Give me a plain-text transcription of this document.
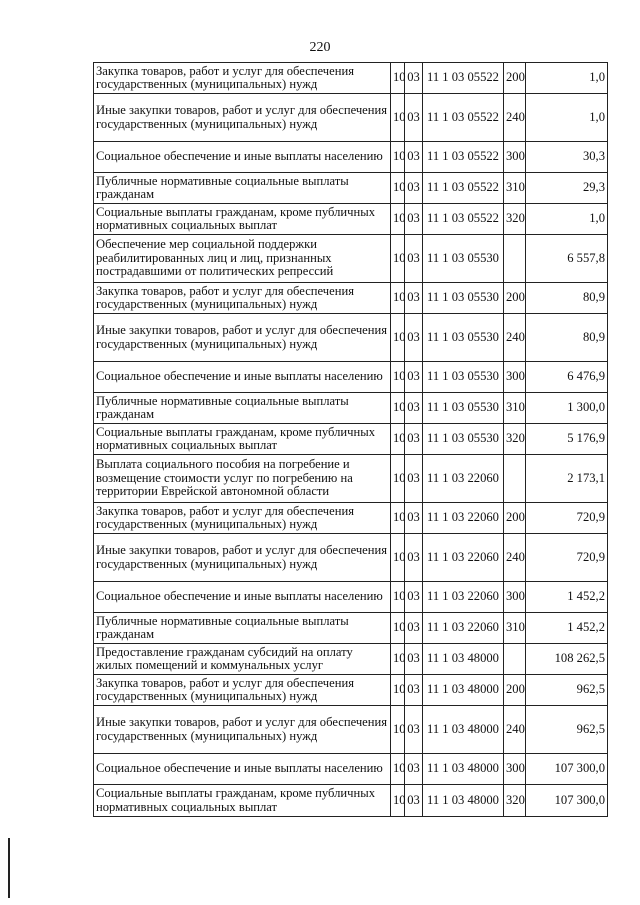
220
Закупка товаров, работ и услуг для обеспечения государственных (муниципальных) нужд	10	03	11 1 03 05522	200	1,0
Иные закупки товаров, работ и услуг для обеспечения государственных (муниципальных) нужд	10	03	11 1 03 05522	240	1,0
Социальное обеспечение и иные выплаты населению	10	03	11 1 03 05522	300	30,3
Публичные нормативные социальные выплаты гражданам	10	03	11 1 03 05522	310	29,3
Социальные выплаты гражданам, кроме публичных нормативных социальных выплат	10	03	11 1 03 05522	320	1,0
Обеспечение мер социальной поддержки реабилитированных лиц и лиц, признанных пострадавшими от политических репрессий	10	03	11 1 03 05530		6 557,8
Закупка товаров, работ и услуг для обеспечения государственных (муниципальных) нужд	10	03	11 1 03 05530	200	80,9
Иные закупки товаров, работ и услуг для обеспечения государственных (муниципальных) нужд	10	03	11 1 03 05530	240	80,9
Социальное обеспечение и иные выплаты населению	10	03	11 1 03 05530	300	6 476,9
Публичные нормативные социальные выплаты гражданам	10	03	11 1 03 05530	310	1 300,0
Социальные выплаты гражданам, кроме публичных нормативных социальных выплат	10	03	11 1 03 05530	320	5 176,9
Выплата социального пособия на погребение и возмещение стоимости услуг по погребению на территории Еврейской автономной области	10	03	11 1 03 22060		2 173,1
Закупка товаров, работ и услуг для обеспечения государственных (муниципальных) нужд	10	03	11 1 03 22060	200	720,9
Иные закупки товаров, работ и услуг для обеспечения государственных (муниципальных) нужд	10	03	11 1 03 22060	240	720,9
Социальное обеспечение и иные выплаты населению	10	03	11 1 03 22060	300	1 452,2
Публичные нормативные социальные выплаты гражданам	10	03	11 1 03 22060	310	1 452,2
Предоставление гражданам субсидий на оплату жилых помещений и коммунальных услуг	10	03	11 1 03 48000		108 262,5
Закупка товаров, работ и услуг для обеспечения государственных (муниципальных) нужд	10	03	11 1 03 48000	200	962,5
Иные закупки товаров, работ и услуг для обеспечения государственных (муниципальных) нужд	10	03	11 1 03 48000	240	962,5
Социальное обеспечение и иные выплаты населению	10	03	11 1 03 48000	300	107 300,0
Социальные выплаты гражданам, кроме публичных нормативных социальных выплат	10	03	11 1 03 48000	320	107 300,0
